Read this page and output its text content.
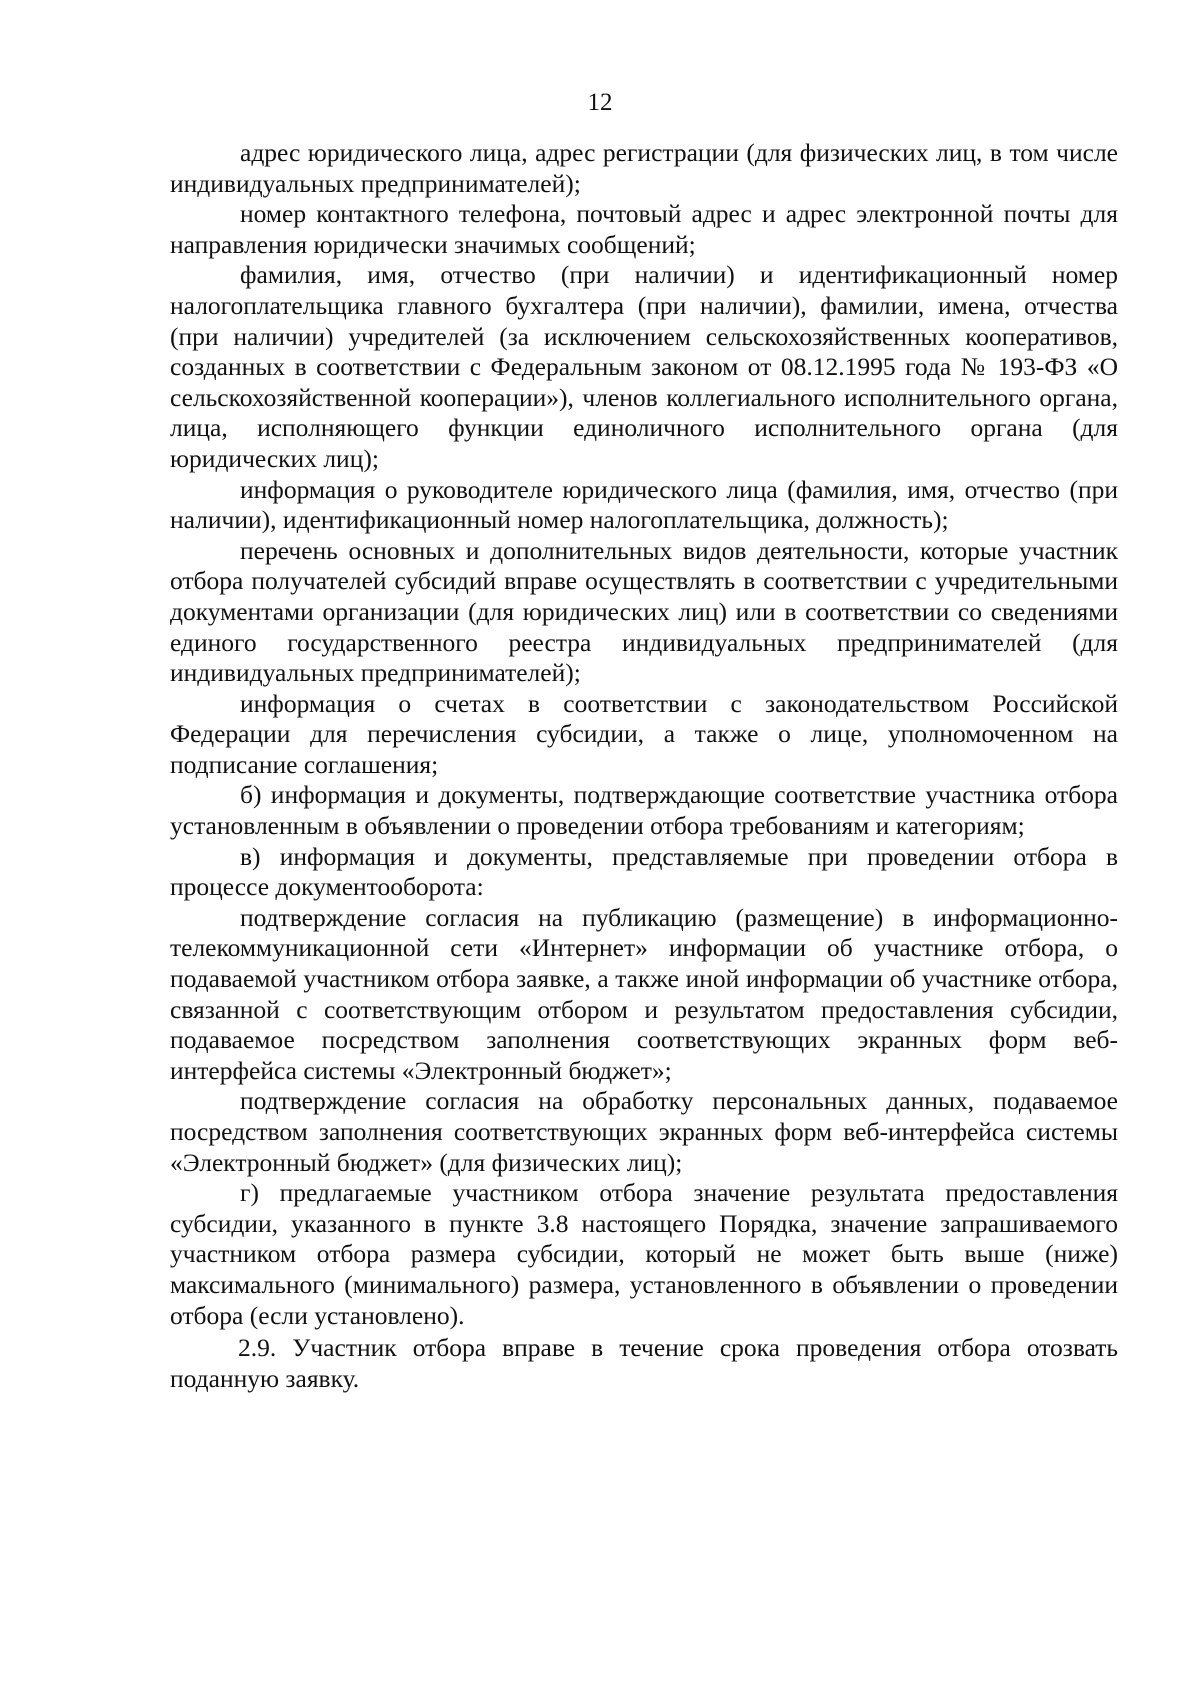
12

адрес юридического лица, адрес регистрации (для физических лиц, в том числе индивидуальных предпринимателей);

номер контактного телефона, почтовый адрес и адрес электронной почты для направления юридически значимых сообщений;

фамилия, имя, отчество (при наличии) и идентификационный номер налогоплательщика главного бухгалтера (при наличии), фамилии, имена, отчества (при наличии) учредителей (за исключением сельскохозяйственных кооперативов, созданных в соответствии с Федеральным законом от 08.12.1995 года № 193-ФЗ «О сельскохозяйственной кооперации»), членов коллегиального исполнительного органа, лица, исполняющего функции единоличного исполнительного органа (для юридических лиц);

информация о руководителе юридического лица (фамилия, имя, отчество (при наличии), идентификационный номер налогоплательщика, должность);

перечень основных и дополнительных видов деятельности, которые участник отбора получателей субсидий вправе осуществлять в соответствии с учредительными документами организации (для юридических лиц) или в соответствии со сведениями единого государственного реестра индивидуальных предпринимателей (для индивидуальных предпринимателей);

информация о счетах в соответствии с законодательством Российской Федерации для перечисления субсидии, а также о лице, уполномоченном на подписание соглашения;

б) информация и документы, подтверждающие соответствие участника отбора установленным в объявлении о проведении отбора требованиям и категориям;

в) информация и документы, представляемые при проведении отбора в процессе документооборота:

подтверждение согласия на публикацию (размещение) в информационно-телекоммуникационной сети «Интернет» информации об участнике отбора, о подаваемой участником отбора заявке, а также иной информации об участнике отбора, связанной с соответствующим отбором и результатом предоставления субсидии, подаваемое посредством заполнения соответствующих экранных форм веб-интерфейса системы «Электронный бюджет»;

подтверждение согласия на обработку персональных данных, подаваемое посредством заполнения соответствующих экранных форм веб-интерфейса системы «Электронный бюджет» (для физических лиц);

г) предлагаемые участником отбора значение результата предоставления субсидии, указанного в пункте 3.8 настоящего Порядка, значение запрашиваемого участником отбора размера субсидии, который не может быть выше (ниже) максимального (минимального) размера, установленного в объявлении о проведении отбора (если установлено).

2.9. Участник отбора вправе в течение срока проведения отбора отозвать поданную заявку.
